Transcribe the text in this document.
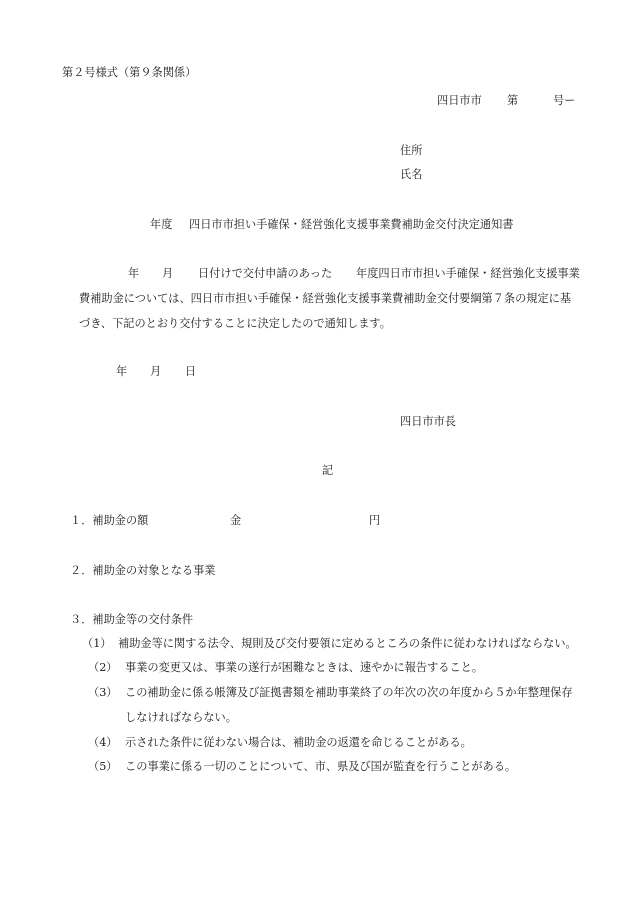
第２号様式（第９条関係）
四日市市 第	号ー
住所
氏名
年度 四日市市担い手確保・経営強化支援事業費補助金交付決定通知書
年 月 日付けで交付申請のあった 年度四日市市担い手確保・経営強化支援事業
費補助金については、四日市市担い手確保・経営強化支援事業費補助金交付要綱第７条の規定に基
づき、下記のとおり交付することに決定したので通知します。
年 月 日
四日市市長
記
１．補助金の額	金	円
２．補助金の対象となる事業
３．補助金等の交付条件
（1） 補助金等に関する法令、規則及び交付要領に定めるところの条件に従わなければならない。
（2） 事業の変更又は、事業の遂行が困難なときは、速やかに報告すること。
（3） この補助金に係る帳簿及び証拠書類を補助事業終了の年次の次の年度から５か年整理保存
しなければならない。
（4） 示された条件に従わない場合は、補助金の返還を命じることがある。
（5） この事業に係る一切のことについて、市、県及び国が監査を行うことがある。
